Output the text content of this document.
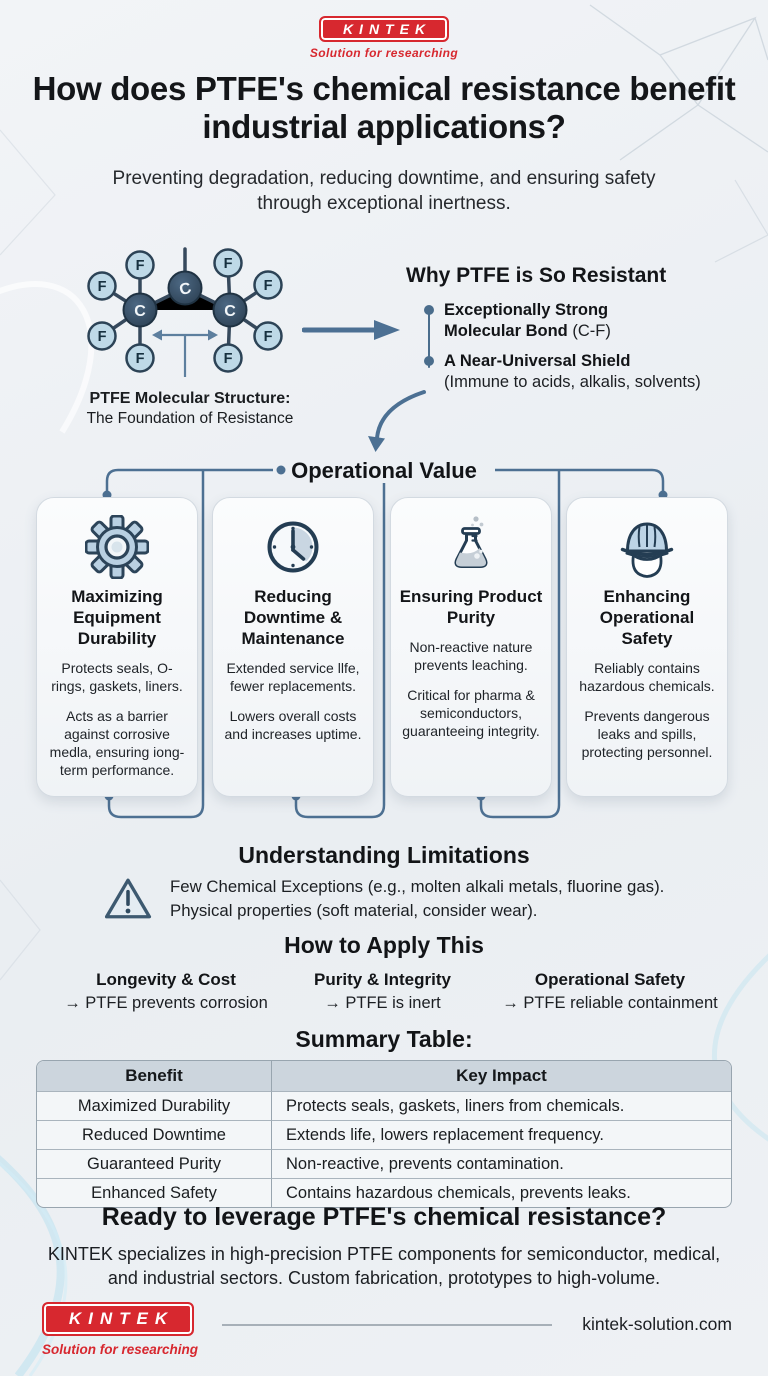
KINTEK
Solution for researching
How does PTFE's chemical resistance benefit industrial applications?
Preventing degradation, reducing downtime, and ensuring safety through exceptional inertness.
F
F	F
F
F
F	F
F
C
C	C
PTFE Molecular Structure:
The Foundation of Resistance
Why PTFE is So Resistant
Exceptionally Strong
Molecular Bond (C-F)
A Near-Universal Shield
(Immune to acids, alkalis, solvents)
Operational Value
Maximizing Equipment Durability

Protects seals, O-rings, gaskets, liners.

Acts as a barrier against corrosive medla, ensuring iong-term performance.

Reducing Downtime & Maintenance

Extended service llfe, fewer replacements.

Lowers overall costs and increases uptime.

Ensuring Product Purity

Non-reactive nature prevents leaching.

Critical for pharma & semiconductors, guaranteeing integrity.

Enhancing Operational Safety

Reliably contains hazardous chemicals.

Prevents dangerous leaks and spills, protecting personnel.

Understanding Limitations
Few Chemical Exceptions (e.g., molten alkali metals, fluorine gas).
Physical properties (soft material, consider wear).
How to Apply This
Longevity & Cost
→ PTFE prevents corrosion
Purity & Integrity
→ PTFE is inert
Operational Safety
→ PTFE reliable containment
Summary Table:
Benefit	Key Impact
Maximized Durability	Protects seals, gaskets, liners from chemicals.
Reduced Downtime	Extends life, lowers replacement frequency.
Guaranteed Purity	Non-reactive, prevents contamination.
Enhanced Safety	Contains hazardous chemicals, prevents leaks.
Ready to leverage PTFE's chemical resistance?

KINTEK specializes in high-precision PTFE components for semiconductor, medical, and industrial sectors. Custom fabrication, prototypes to high-volume.

KINTEK
Solution for researching
kintek-solution.com
